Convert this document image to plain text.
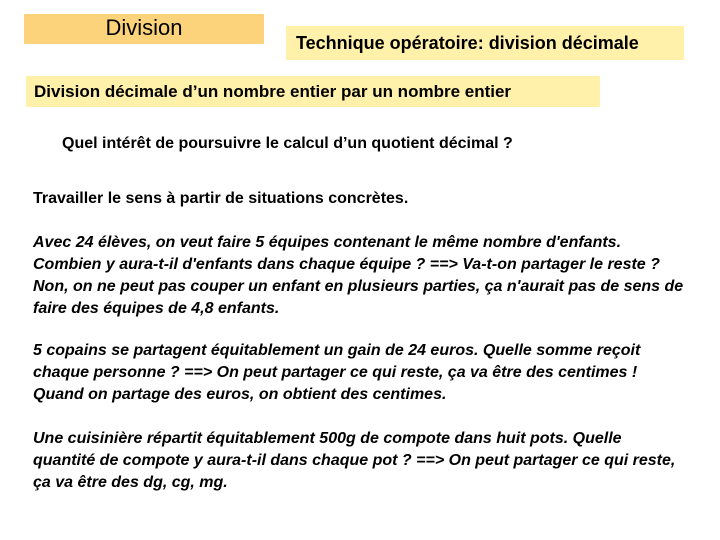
Division
Technique opératoire: division décimale
Division décimale d’un nombre entier par un nombre entier
Quel intérêt de poursuivre le calcul d’un quotient décimal ?
Travailler le sens à partir de situations concrètes.
Avec 24 élèves, on veut faire 5 équipes contenant le même nombre d'enfants. Combien y aura-t-il d'enfants dans chaque équipe ? ==> Va-t-on partager le reste ? Non, on ne peut pas couper un enfant en plusieurs parties, ça n'aurait pas de sens de faire des équipes de 4,8 enfants.
5 copains se partagent équitablement un gain de 24 euros. Quelle somme reçoit chaque personne ? ==> On peut partager ce qui reste, ça va être des centimes ! Quand on partage des euros, on obtient des centimes.
Une cuisinière répartit équitablement 500g de compote dans huit pots. Quelle quantité de compote y aura-t-il dans chaque pot ? ==> On peut partager ce qui reste, ça va être des dg, cg, mg.
